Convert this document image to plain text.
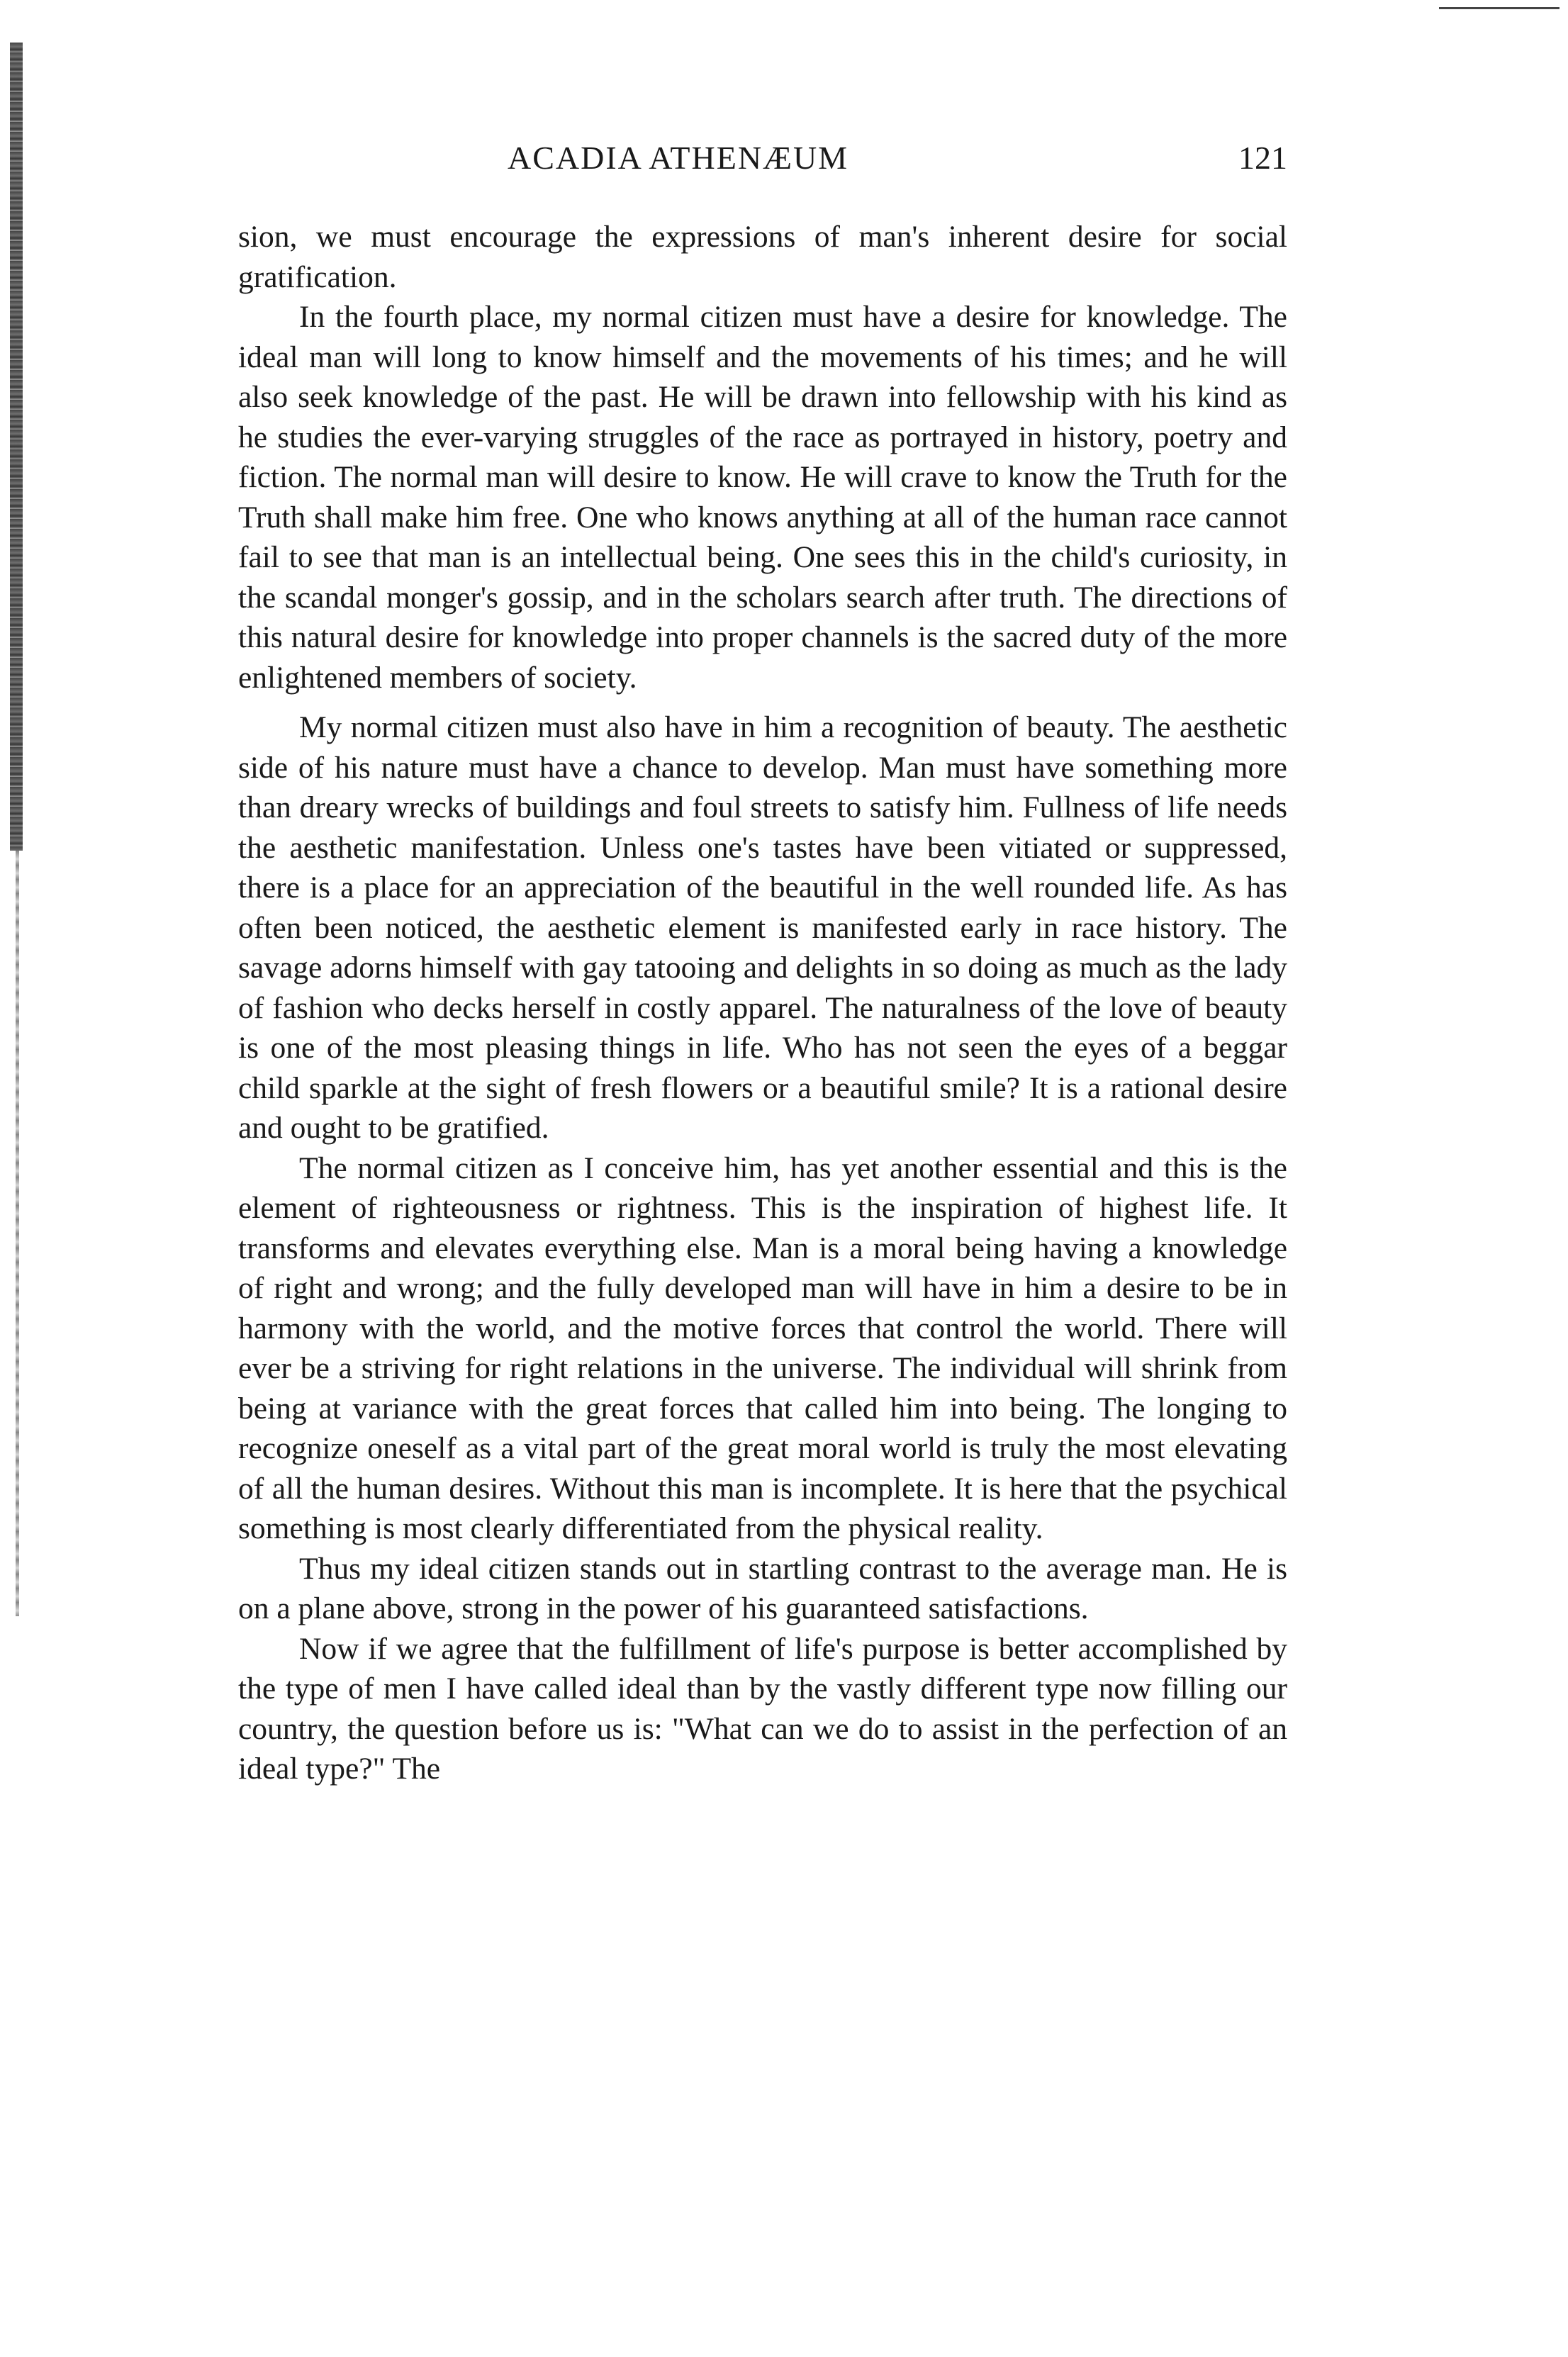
ACADIA ATHENÆUM	121

sion, we must encourage the expressions of man's inherent desire for social gratification.

In the fourth place, my normal citizen must have a desire for knowledge. The ideal man will long to know himself and the movements of his times; and he will also seek knowledge of the past. He will be drawn into fellowship with his kind as he studies the ever-varying struggles of the race as portrayed in history, poetry and fiction. The normal man will desire to know. He will crave to know the Truth for the Truth shall make him free. One who knows anything at all of the human race cannot fail to see that man is an intellectual being. One sees this in the child's curiosity, in the scandal monger's gossip, and in the scholars search after truth. The directions of this natural desire for knowledge into proper channels is the sacred duty of the more enlightened members of society.

My normal citizen must also have in him a recognition of beauty. The aesthetic side of his nature must have a chance to develop. Man must have something more than dreary wrecks of buildings and foul streets to satisfy him. Fullness of life needs the aesthetic manifestation. Unless one's tastes have been vitiated or suppressed, there is a place for an appreciation of the beautiful in the well rounded life. As has often been noticed, the aesthetic element is manifested early in race history. The savage adorns himself with gay tatooing and delights in so doing as much as the lady of fashion who decks herself in costly apparel. The naturalness of the love of beauty is one of the most pleasing things in life. Who has not seen the eyes of a beggar child sparkle at the sight of fresh flowers or a beautiful smile? It is a rational desire and ought to be gratified.

The normal citizen as I conceive him, has yet another essential and this is the element of righteousness or rightness. This is the inspiration of highest life. It transforms and elevates everything else. Man is a moral being having a knowledge of right and wrong; and the fully developed man will have in him a desire to be in harmony with the world, and the motive forces that control the world. There will ever be a striving for right relations in the universe. The individual will shrink from being at variance with the great forces that called him into being. The longing to recognize oneself as a vital part of the great moral world is truly the most elevating of all the human desires. Without this man is incomplete. It is here that the psychical something is most clearly differentiated from the physical reality.

Thus my ideal citizen stands out in startling contrast to the average man. He is on a plane above, strong in the power of his guaranteed satisfactions.

Now if we agree that the fulfillment of life's purpose is better accomplished by the type of men I have called ideal than by the vastly different type now filling our country, the question before us is: "What can we do to assist in the perfection of an ideal type?" The
